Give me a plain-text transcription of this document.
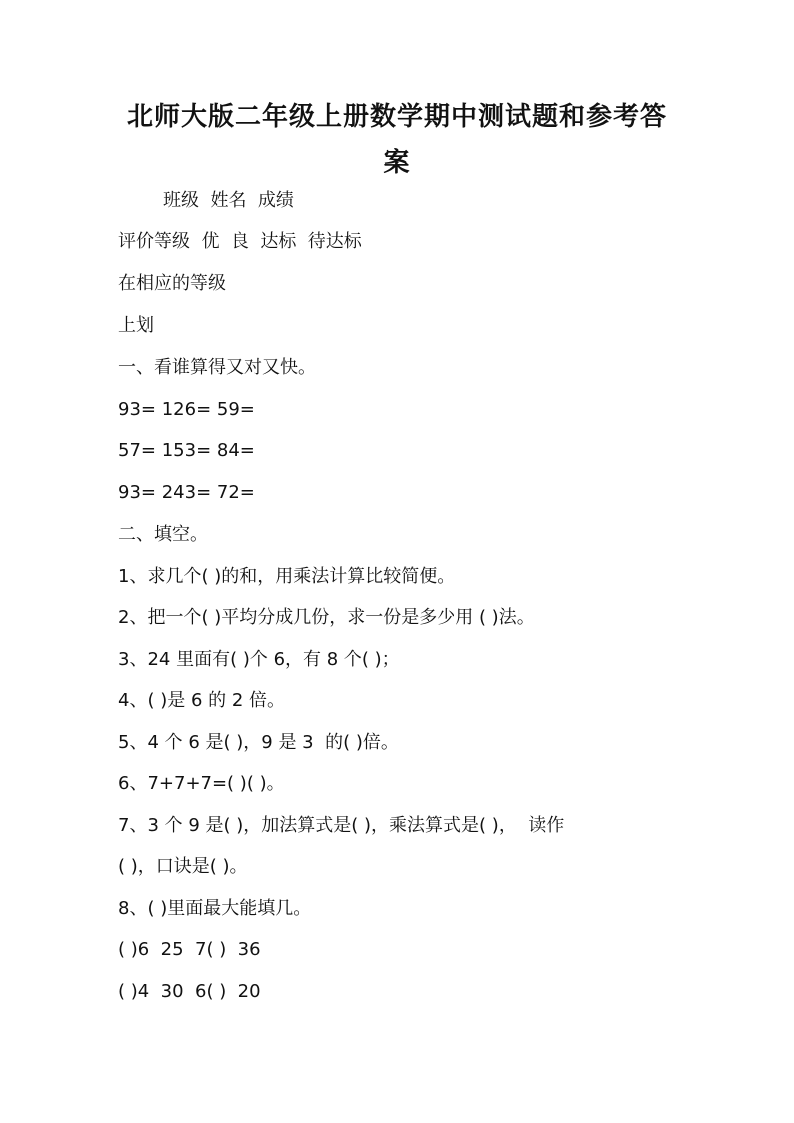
北师大版二年级上册数学期中测试题和参考答
案
班级  姓名  成绩
评价等级  优  良  达标  待达标
在相应的等级
上划
一、看谁算得又对又快。
93= 126= 59=
57= 153= 84=
93= 243= 72=
二、填空。
1、求几个( )的和，用乘法计算比较简便。
2、把一个( )平均分成几份，求一份是多少用 ( )法。
3、24 里面有( )个 6，有 8 个( )；
4、( )是 6 的 2 倍。
5、4 个 6 是( )，9 是 3  的( )倍。
6、7+7+7=( )( )。
7、3 个 9 是( )，加法算式是( )，乘法算式是( )，  读作
( )，口诀是( )。
8、( )里面最大能填几。
( )6  25  7( )  36
( )4  30  6( )  20
